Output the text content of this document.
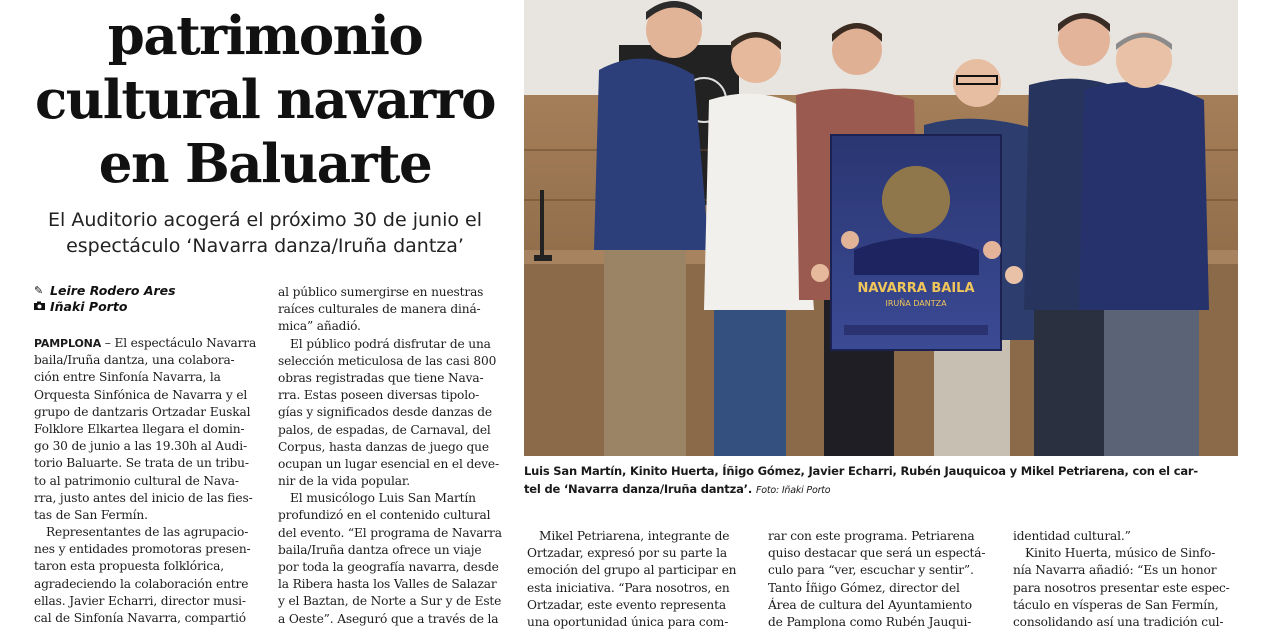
patrimonio
cultural navarro
en Baluarte
El Auditorio acogerá el próximo 30 de junio el
espectáculo ‘Navarra danza/Iruña dantza’
✎ Leire Rodero Ares
Iñaki Porto
PAMPLONA – El espectáculo Navarra
baila/Iruña dantza, una colabora-
ción entre Sinfonía Navarra, la
Orquesta Sinfónica de Navarra y el
grupo de dantzaris Ortzadar Euskal
Folklore Elkartea llegara el domin-
go 30 de junio a las 19.30h al Audi-
torio Baluarte. Se trata de un tribu-
to al patrimonio cultural de Nava-
rra, justo antes del inicio de las fies-
tas de San Fermín.
Representantes de las agrupacio-
nes y entidades promotoras presen-
taron esta propuesta folklórica,
agradeciendo la colaboración entre
ellas. Javier Echarri, director musi-
cal de Sinfonía Navarra, compartió
al público sumergirse en nuestras
raíces culturales de manera diná-
mica” añadió.
El público podrá disfrutar de una
selección meticulosa de las casi 800
obras registradas que tiene Nava-
rra. Estas poseen diversas tipolo-
gías y significados desde danzas de
palos, de espadas, de Carnaval, del
Corpus, hasta danzas de juego que
ocupan un lugar esencial en el deve-
nir de la vida popular.
El musicólogo Luis San Martín
profundizó en el contenido cultural
del evento. “El programa de Navarra
baila/Iruña dantza ofrece un viaje
por toda la geografía navarra, desde
la Ribera hasta los Valles de Salazar
y el Baztan, de Norte a Sur y de Este
a Oeste”. Aseguró que a través de la
NAVARRA BAILA
IRUÑA DANTZA
Luis San Martín, Kinito Huerta, Íñigo Gómez, Javier Echarri, Rubén Jauquicoa y Mikel Petriarena, con el car-
tel de ‘Navarra danza/Iruña dantza’. Foto: Iñaki Porto
Mikel Petriarena, integrante de
Ortzadar, expresó por su parte la
emoción del grupo al participar en
esta iniciativa. “Para nosotros, en
Ortzadar, este evento representa
una oportunidad única para com-
rar con este programa. Petriarena
quiso destacar que será un espectá-
culo para “ver, escuchar y sentir”.
Tanto Íñigo Gómez, director del
Área de cultura del Ayuntamiento
de Pamplona como Rubén Jauqui-
identidad cultural.”
Kinito Huerta, músico de Sinfo-
nía Navarra añadió: “Es un honor
para nosotros presentar este espec-
táculo en vísperas de San Fermín,
consolidando así una tradición cul-
